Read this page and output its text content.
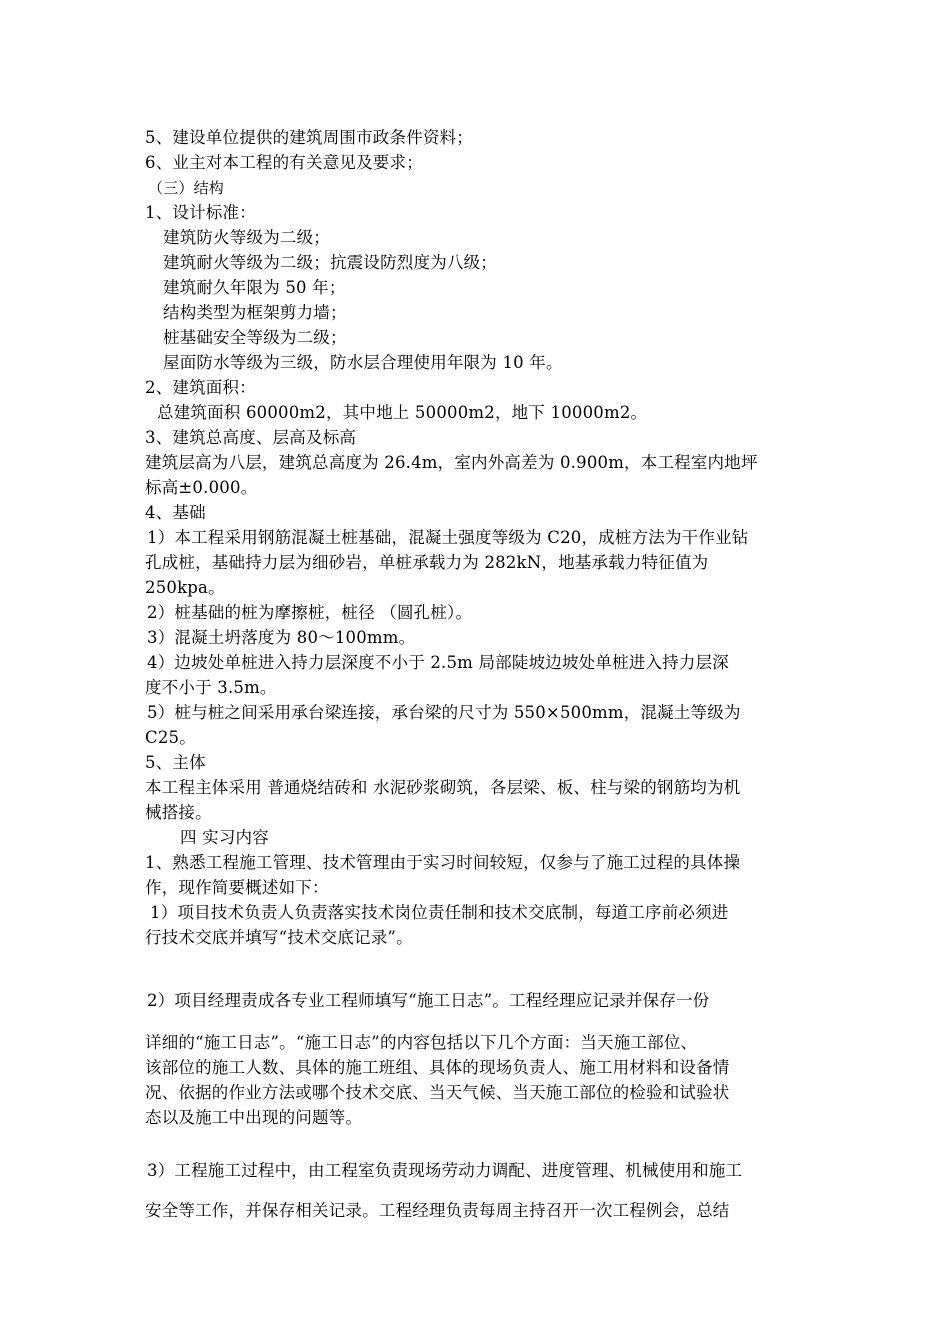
5、建设单位提供的建筑周围市政条件资料；
6、业主对本工程的有关意见及要求；
（三）结构
1、设计标准：
建筑防火等级为二级；
建筑耐火等级为二级；抗震设防烈度为八级；
建筑耐久年限为 50 年；
结构类型为框架剪力墙；
桩基础安全等级为二级；
屋面防水等级为三级，防水层合理使用年限为 10 年。
2、建筑面积：
总建筑面积 60000m2，其中地上 50000m2，地下 10000m2。
3、建筑总高度、层高及标高
建筑层高为八层，建筑总高度为 26.4m，室内外高差为 0.900m，本工程室内地坪
标高±0.000。
4、基础
1）本工程采用钢筋混凝土桩基础，混凝土强度等级为 C20，成桩方法为干作业钻
孔成桩，基础持力层为细砂岩，单桩承载力为 282kN，地基承载力特征值为
250kpa。
2）桩基础的桩为摩擦桩，桩径 （圆孔桩）。
3）混凝土坍落度为 80～100mm。
4）边坡处单桩进入持力层深度不小于 2.5m 局部陡坡边坡处单桩进入持力层深
度不小于 3.5m。
5）桩与桩之间采用承台梁连接，承台梁的尺寸为 550×500mm，混凝土等级为
C25。
5、主体
本工程主体采用 普通烧结砖和 水泥砂浆砌筑，各层梁、板、柱与梁的钢筋均为机
械搭接。
四 实习内容
1、熟悉工程施工管理、技术管理由于实习时间较短，仅参与了施工过程的具体操
作，现作简要概述如下：
1）项目技术负责人负责落实技术岗位责任制和技术交底制，每道工序前必须进
行技术交底并填写“技术交底记录”。
2）项目经理责成各专业工程师填写“施工日志”。工程经理应记录并保存一份
详细的“施工日志”。“施工日志”的内容包括以下几个方面：当天施工部位、
该部位的施工人数、具体的施工班组、具体的现场负责人、施工用材料和设备情
况、依据的作业方法或哪个技术交底、当天气候、当天施工部位的检验和试验状
态以及施工中出现的问题等。
3）工程施工过程中，由工程室负责现场劳动力调配、进度管理、机械使用和施工
安全等工作，并保存相关记录。工程经理负责每周主持召开一次工程例会，总结
